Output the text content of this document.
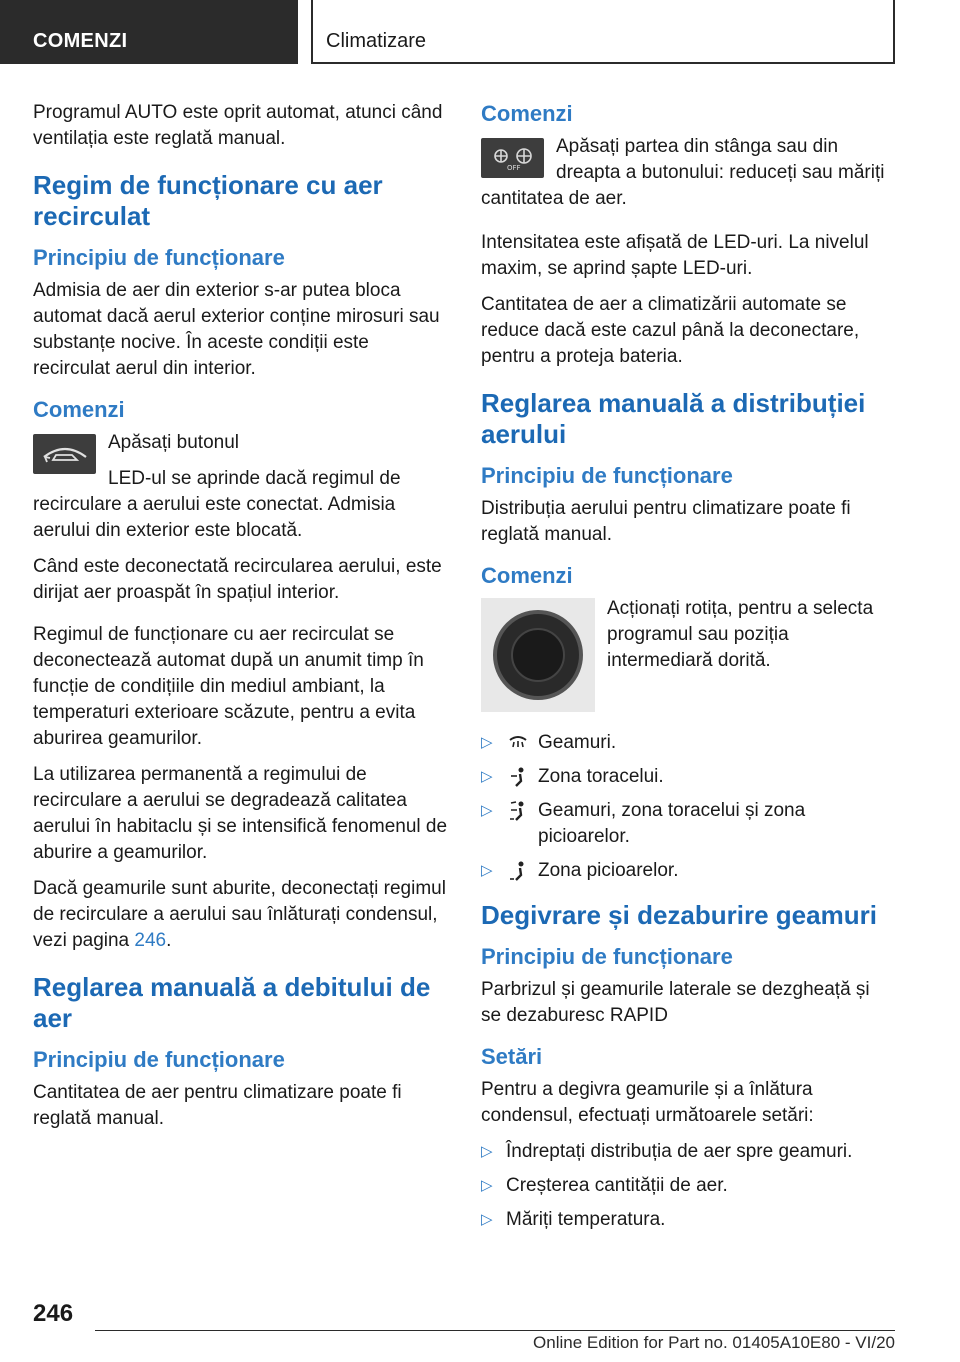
COMENZI	Climatizare

Programul AUTO este oprit automat, atunci când ventilația este reglată manual.

Regim de funcționare cu aer recirculat
Principiu de funcționare

Admisia de aer din exterior s-ar putea bloca automat dacă aerul exterior conține mirosuri sau substanțe nocive. În aceste condiții este recirculat aerul din interior.

Comenzi

Apăsați butonul

LED-ul se aprinde dacă regimul de recirculare a aerului este conectat. Admisia aerului din exterior este blocată.

Când este deconectată recircularea aerului, este dirijat aer proaspăt în spațiul interior.

Regimul de funcționare cu aer recirculat se deconectează automat după un anumit timp în funcție de condițiile din mediul ambiant, la temperaturi exterioare scăzute, pentru a evita aburirea geamurilor.

La utilizarea permanentă a regimului de recirculare a aerului se degradează calitatea aerului în habitaclu și se intensifică fenomenul de aburire a geamurilor.

Dacă geamurile sunt aburite, deconectați regimul de recirculare a aerului sau înlăturați condensul, vezi pagina 246.

Reglarea manuală a debitului de aer
Principiu de funcționare

Cantitatea de aer pentru climatizare poate fi reglată manual.

Comenzi
OFF

Apăsați partea din stânga sau din dreapta a butonului: reduceți sau măriți cantitatea de aer.

Intensitatea este afișată de LED-uri. La nivelul maxim, se aprind șapte LED-uri.

Cantitatea de aer a climatizării automate se reduce dacă este cazul până la deconectare, pentru a proteja bateria.

Reglarea manuală a distribuției aerului
Principiu de funcționare

Distribuția aerului pentru climatizare poate fi reglată manual.

Comenzi

Acționați rotița, pentru a selecta programul sau poziția intermediară dorită.

▷ Geamuri.
▷ Zona toracelui.
▷ Geamuri, zona toracelui și zona picioarelor.
▷ Zona picioarelor.
Degivrare și dezaburire geamuri
Principiu de funcționare

Parbrizul și geamurile laterale se dezgheață și se dezaburesc RAPID

Setări

Pentru a degivra geamurile și a înlătura condensul, efectuați următoarele setări:

▷ Îndreptați distribuția de aer spre geamuri.
▷ Creșterea cantității de aer.
▷ Măriți temperatura.
246
Online Edition for Part no. 01405A10E80 - VI/20
